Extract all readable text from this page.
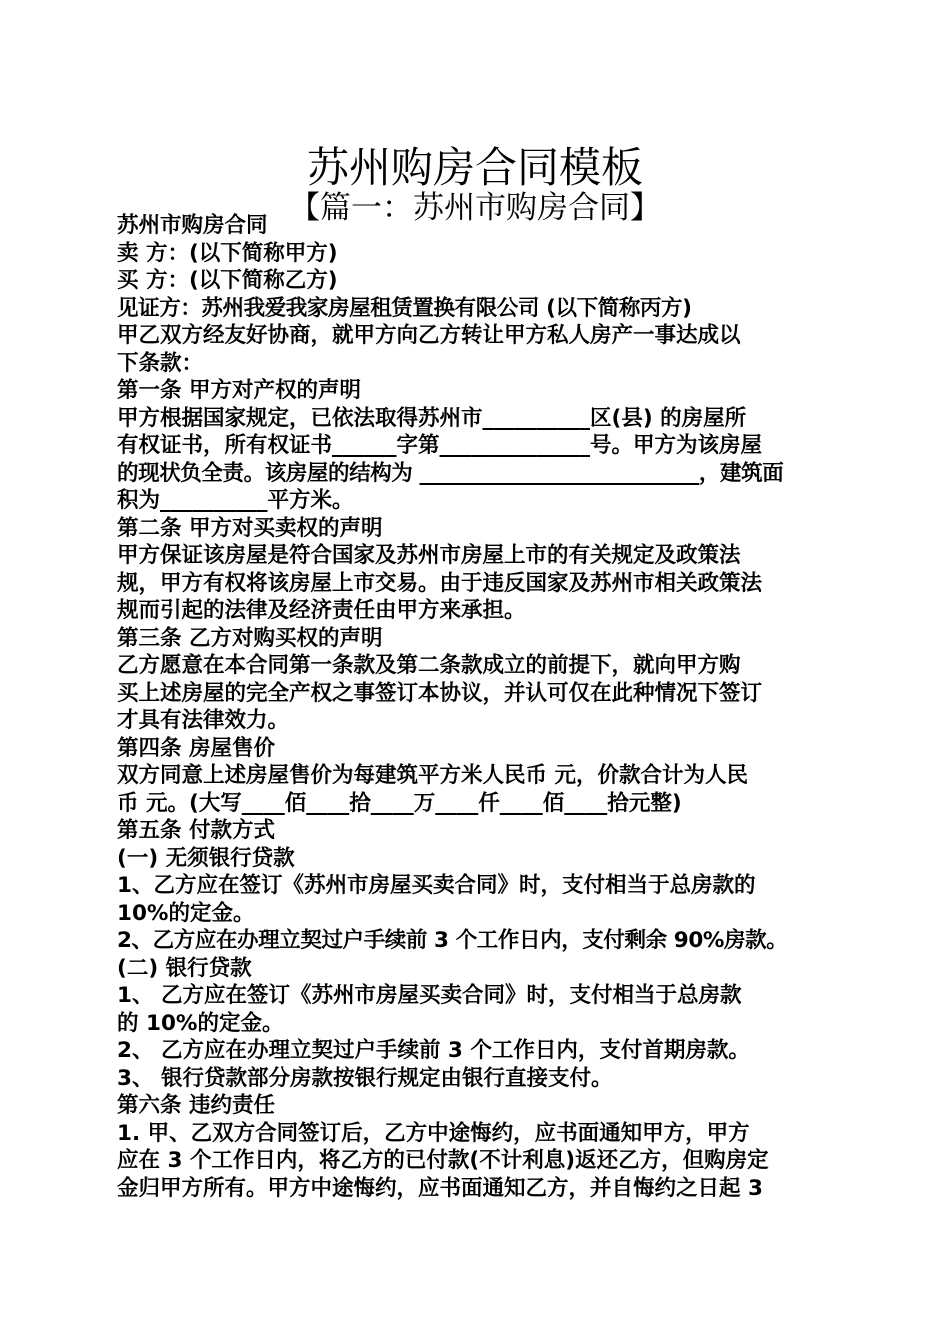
苏州购房合同模板
【篇一：苏州市购房合同】

苏州市购房合同

卖 方：(以下简称甲方)

买 方：(以下简称乙方)

见证方：苏州我爱我家房屋租赁置换有限公司 (以下简称丙方)

甲乙双方经友好协商，就甲方向乙方转让甲方私人房产一事达成以

下条款：

第一条 甲方对产权的声明

甲方根据国家规定，已依法取得苏州市__________区(县) 的房屋所

有权证书，所有权证书______字第______________号。甲方为该房屋

的现状负全责。该房屋的结构为 ___________________________，建筑面

积为__________平方米。

第二条 甲方对买卖权的声明

甲方保证该房屋是符合国家及苏州市房屋上市的有关规定及政策法

规，甲方有权将该房屋上市交易。由于违反国家及苏州市相关政策法

规而引起的法律及经济责任由甲方来承担。

第三条 乙方对购买权的声明

乙方愿意在本合同第一条款及第二条款成立的前提下，就向甲方购

买上述房屋的完全产权之事签订本协议，并认可仅在此种情况下签订

才具有法律效力。

第四条 房屋售价

双方同意上述房屋售价为每建筑平方米人民币 元，价款合计为人民

币 元。(大写____佰____拾____万____仟____佰____拾元整)

第五条 付款方式

(一) 无须银行贷款

1、乙方应在签订《苏州市房屋买卖合同》时，支付相当于总房款的

10%的定金。

2、乙方应在办理立契过户手续前 3 个工作日内，支付剩余 90%房款。

(二) 银行贷款

1、 乙方应在签订《苏州市房屋买卖合同》时，支付相当于总房款

的 10%的定金。

2、 乙方应在办理立契过户手续前 3 个工作日内，支付首期房款。

3、 银行贷款部分房款按银行规定由银行直接支付。

第六条 违约责任

1. 甲、乙双方合同签订后，乙方中途悔约，应书面通知甲方，甲方

应在 3 个工作日内，将乙方的已付款(不计利息)返还乙方，但购房定

金归甲方所有。甲方中途悔约，应书面通知乙方，并自悔约之日起 3
